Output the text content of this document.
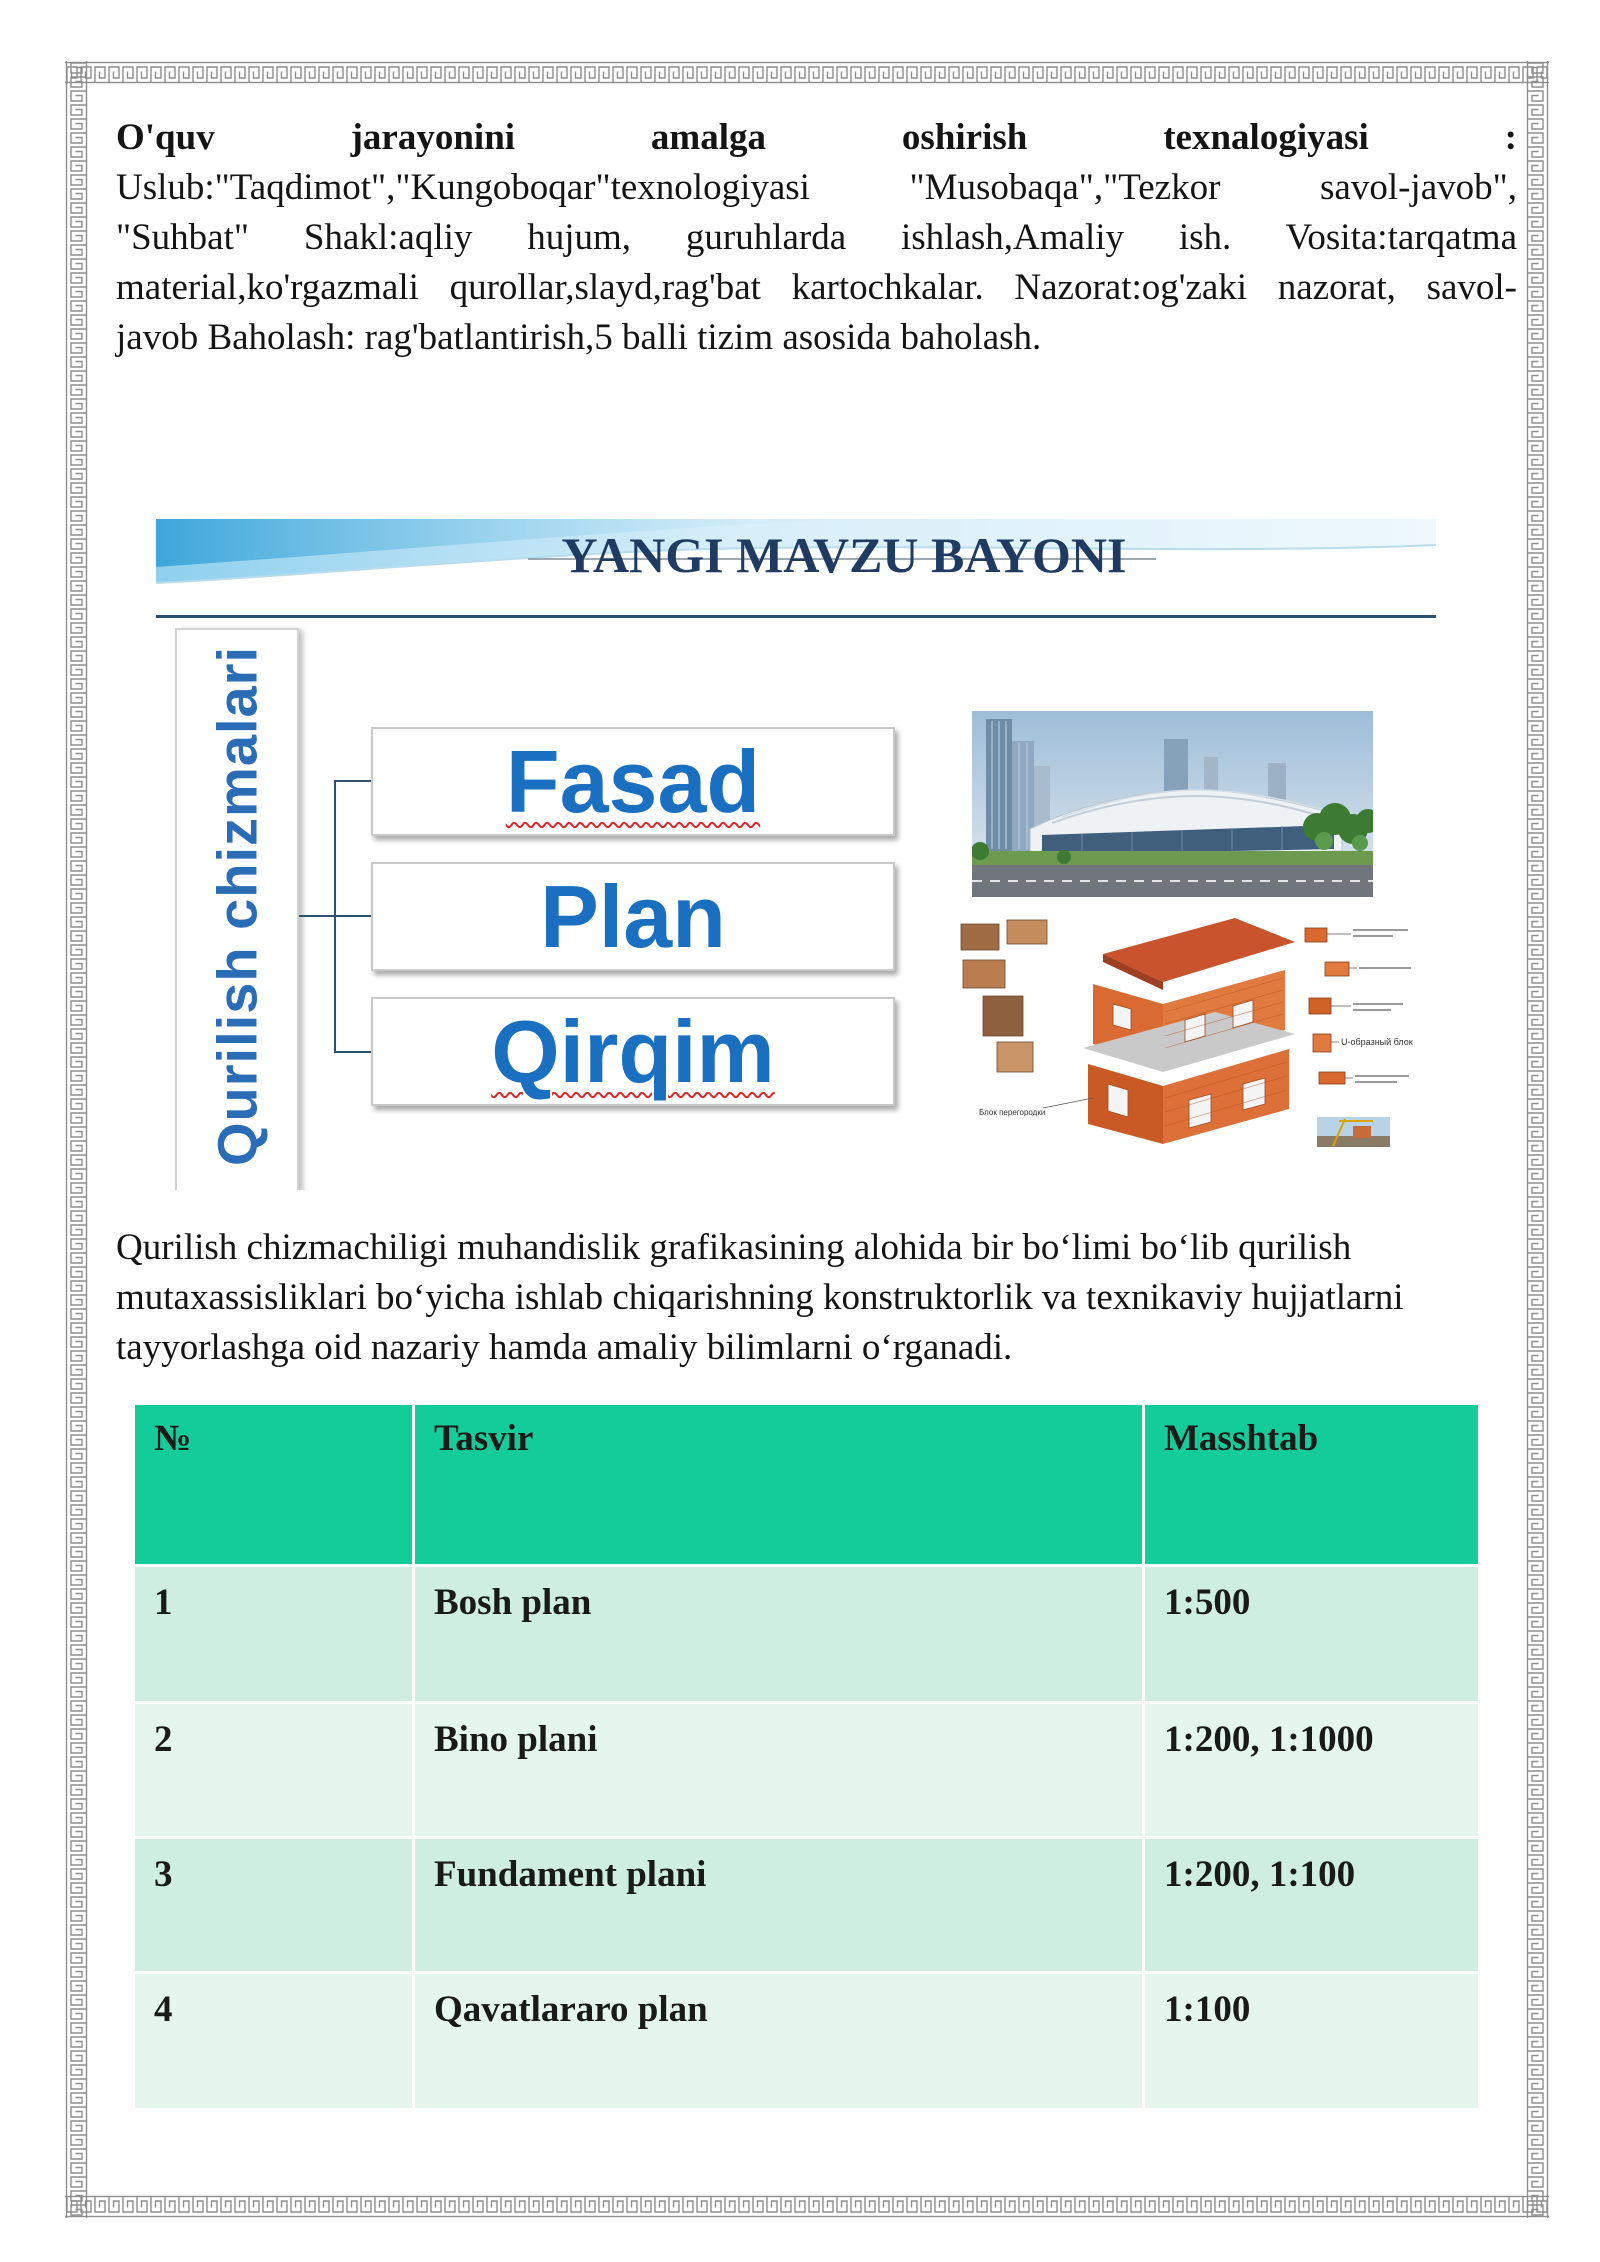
O'quv jarayonini amalga oshirish texnalogiyasi :
Uslub:"Taqdimot","Kungoboqar"texnologiyasi "Musobaqa","Tezkor savol-javob",
"Suhbat" Shakl:aqliy hujum, guruhlarda ishlash,Amaliy ish. Vosita:tarqatma
material,ko'rgazmali qurollar,slayd,rag'bat kartochkalar. Nazorat:og'zaki nazorat, savol-
javob Baholash: rag'batlantirish,5 balli tizim asosida baholash.
YANGI MAVZU BAYONI
Qurilish chizmalari	Fasad
Plan
Qirqim	U-образный блок
Блок перегородки
Qurilish chizmachiligi muhandislik grafikasining alohida bir bo‘limi bo‘lib qurilish
mutaxassisliklari bo‘yicha ishlab chiqarishning konstruktorlik va texnikaviy hujjatlarni
tayyorlashga oid nazariy hamda amaliy bilimlarni o‘rganadi.
№	Tasvir	Masshtab
1	Bosh plan	1:500
2	Bino plani	1:200, 1:1000
3	Fundament plani	1:200, 1:100
4	Qavatlararo plan	1:100
